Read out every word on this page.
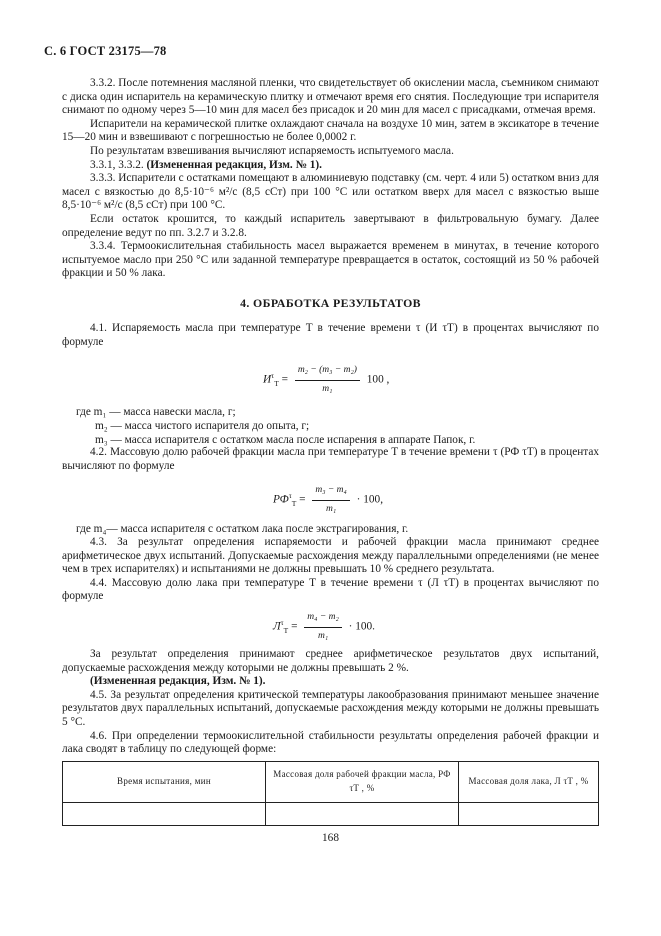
С. 6 ГОСТ 23175—78

3.3.2. После потемнения масляной пленки, что свидетельствует об окислении масла, съемником снимают с диска один испаритель на керамическую плитку и отмечают время его снятия. Последующие три испарителя снимают по одному через 5—10 мин для масел без присадок и 20 мин для масел с присадками, отмечая время.

Испарители на керамической плитке охлаждают сначала на воздухе 10 мин, затем в эксикаторе в течение 15—20 мин и взвешивают с погрешностью не более 0,0002 г.

По результатам взвешивания вычисляют испаряемость испытуемого масла.

3.3.1, 3.3.2. (Измененная редакция, Изм. № 1).

3.3.3. Испарители с остатками помещают в алюминиевую подставку (см. черт. 4 или 5) остатком вниз для масел с вязкостью до 8,5·10⁻⁶ м²/с (8,5 сСт) при 100 °С или остатком вверх для масел с вязкостью выше 8,5·10⁻⁶ м²/с (8,5 сСт) при 100 °С.

Если остаток крошится, то каждый испаритель завертывают в фильтровальную бумагу. Далее определение ведут по пп. 3.2.7 и 3.2.8.

3.3.4. Термоокислительная стабильность масел выражается временем в минутах, в течение которого испытуемое масло при 250 °С или заданной температуре превращается в остаток, состоящий из 50 % рабочей фракции и 50 % лака.

4. ОБРАБОТКА РЕЗУЛЬТАТОВ

4.1. Испаряемость масла при температуре T в течение времени τ (И τT) в процентах вычисляют по формуле

$И^\tau_T = \frac{\text{m₂ − (m₃ − m₂)}}{\text{m₁}} 100$ ,
где m₁ — масса навески масла, г;
m₂ — масса чистого испарителя до опыта, г;
m₃ — масса испарителя с остатком масла после испарения в аппарате Папок, г.

4.2. Массовую долю рабочей фракции масла при температуре T в течение времени τ (РФ τT) в процентах вычисляют по формуле

$РФ^\tau_T = \frac{\text{m₃ − m₄}}{\text{m₁}} \cdot 100$,
где m₄— масса испарителя с остатком лака после экстрагирования, г.

4.3. За результат определения испаряемости и рабочей фракции масла принимают среднее арифметическое двух испытаний. Допускаемые расхождения между параллельными определениями (не менее чем в трех испарителях) и испытаниями не должны превышать 10 % среднего результата.

4.4. Массовую долю лака при температуре T в течение времени τ (Л τT) в процентах вычисляют по формуле

$Л^\tau_T = \frac{\text{m₄ − m₂}}{\text{m₁}} \cdot 100$.

За результат определения принимают среднее арифметическое результатов двух испытаний, допускаемые расхождения между которыми не должны превышать 2 %.

(Измененная редакция, Изм. № 1).

4.5. За результат определения критической температуры лакообразования принимают меньшее значение результатов двух параллельных испытаний, допускаемые расхождения между которыми не должны превышать 5 °С.

4.6. При определении термоокислительной стабильности результаты определения рабочей фракции и лака сводят в таблицу по следующей форме:

Время испытания, мин	Массовая доля рабочей фракции масла, РФ τT , %	Массовая доля лака, Л τT , %

168
